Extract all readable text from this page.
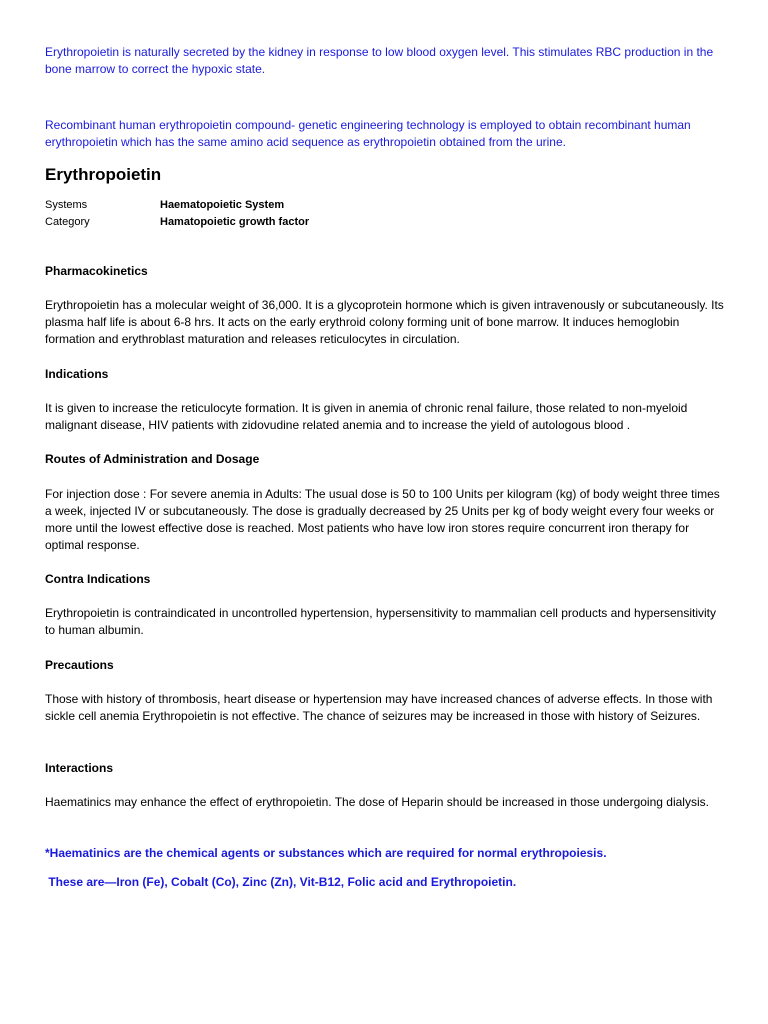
Erythropoietin is naturally secreted by the kidney in response to low blood oxygen level. This stimulates RBC production in the bone marrow to correct the hypoxic state.

Recombinant human erythropoietin compound- genetic engineering technology is employed to obtain recombinant human erythropoietin which has the same amino acid sequence as erythropoietin obtained from the urine.

Erythropoietin
Systems	Haematopoietic System
Category	Hamatopoietic growth factor
Pharmacokinetics

Erythropoietin has a molecular weight of 36,000. It is a glycoprotein hormone which is given intravenously or subcutaneously. Its plasma half life is about 6-8 hrs. It acts on the early erythroid colony forming unit of bone marrow. It induces hemoglobin formation and erythroblast maturation and releases reticulocytes in circulation.

Indications

It is given to increase the reticulocyte formation. It is given in anemia of chronic renal failure, those related to non-myeloid malignant disease, HIV patients with zidovudine related anemia and to increase the yield of autologous blood .

Routes of Administration and Dosage

For injection dose : For severe anemia in Adults: The usual dose is 50 to 100 Units per kilogram (kg) of body weight three times a week, injected IV or subcutaneously. The dose is gradually decreased by 25 Units per kg of body weight every four weeks or more until the lowest effective dose is reached. Most patients who have low iron stores require concurrent iron therapy for optimal response.

Contra Indications

Erythropoietin is contraindicated in uncontrolled hypertension, hypersensitivity to mammalian cell products and hypersensitivity to human albumin.

Precautions

Those with history of thrombosis, heart disease or hypertension may have increased chances of adverse effects. In those with sickle cell anemia Erythropoietin is not effective. The chance of seizures may be increased in those with history of Seizures.

Interactions

Haematinics may enhance the effect of erythropoietin. The dose of Heparin should be increased in those undergoing dialysis.

*Haematinics are the chemical agents or substances which are required for normal erythropoiesis.

These are—Iron (Fe), Cobalt (Co), Zinc (Zn), Vit-B12, Folic acid and Erythropoietin.
